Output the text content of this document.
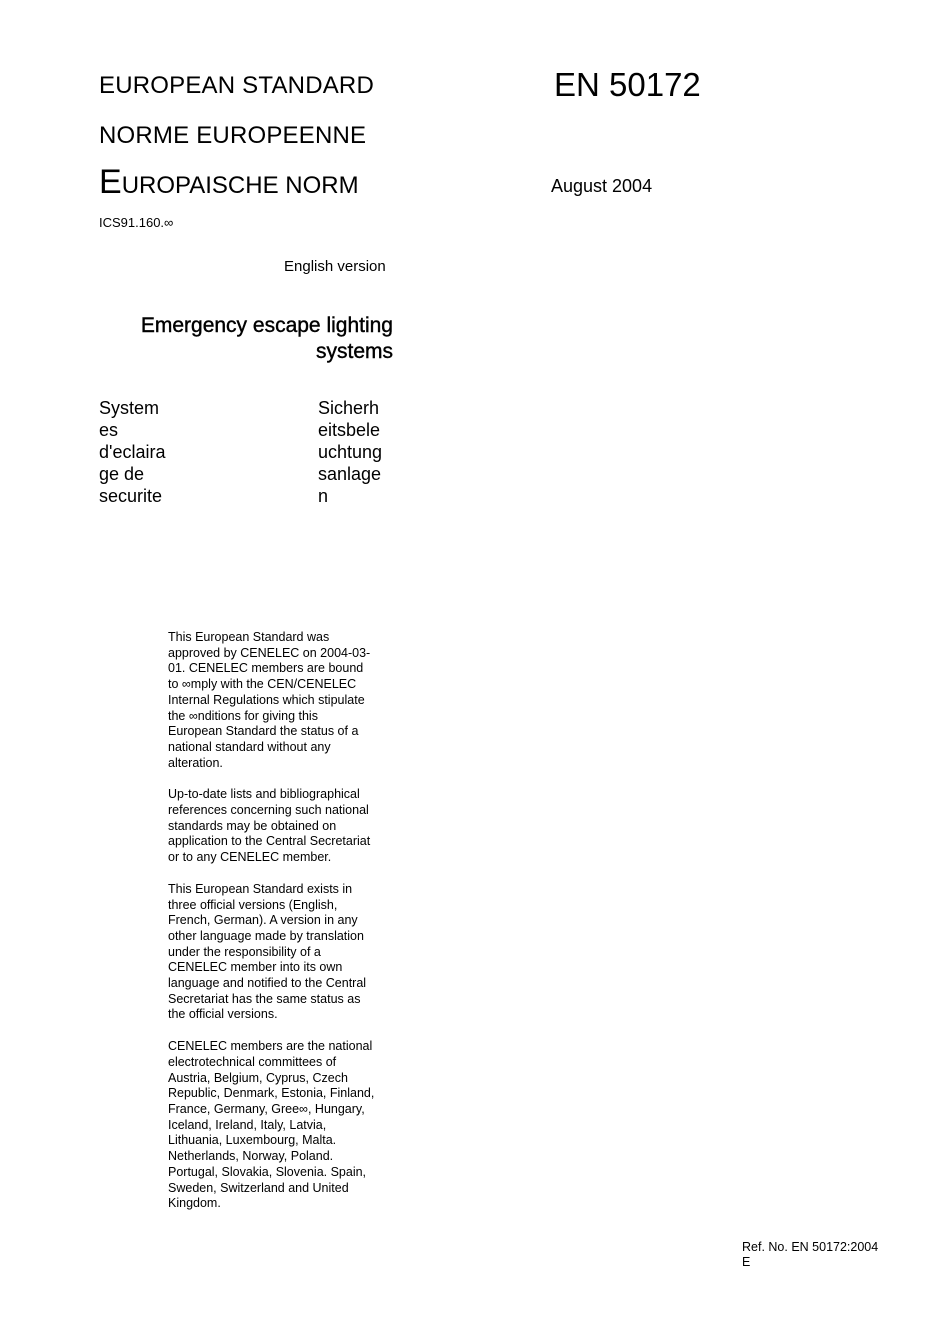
EUROPEAN STANDARD
NORME EUROPEENNE
EUROPAISCHE NORM
EN 50172
August 2004
ICS91.160.∞
English version
Emergency escape lighting systems
System
es
d'eclaira
ge de
securite
Sicherh
eitsbele
uchtung
sanlage
n

This European Standard was
approved by CENELEC on 2004-03-
01. CENELEC members are bound
to ∞mply with the CEN/CENELEC
Internal Regulations which stipulate
the ∞nditions for giving this
European Standard the status of a
national standard without any
alteration.

Up-to-date lists and bibliographical
references concerning such national
standards may be obtained on
application to the Central Secretariat
or to any CENELEC member.

This European Standard exists in
three official versions (English,
French, German). A version in any
other language made by translation
under the responsibility of a
CENELEC member into its own
language and notified to the Central
Secretariat has the same status as
the official versions.

CENELEC members are the national
electrotechnical committees of
Austria, Belgium, Cyprus, Czech
Republic, Denmark, Estonia, Finland,
France, Germany, Gree∞, Hungary,
Iceland, Ireland, Italy, Latvia,
Lithuania, Luxembourg, Malta.
Netherlands, Norway, Poland.
Portugal, Slovakia, Slovenia. Spain,
Sweden, Switzerland and United
Kingdom.

Ref. No. EN 50172:2004
E
